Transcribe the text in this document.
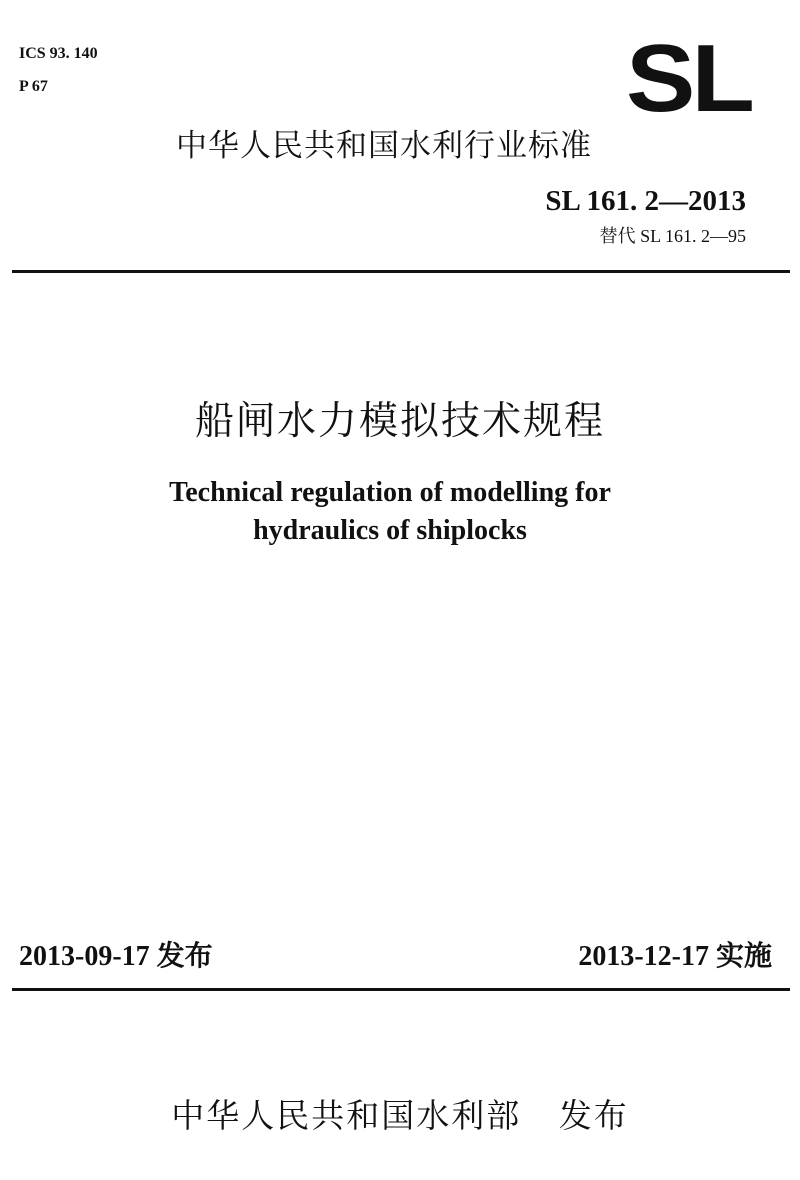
ICS 93. 140
P 67	SL
中华人民共和国水利行业标准
SL 161. 2—2013
替代 SL 161. 2—95
船闸水力模拟技术规程
Technical regulation of modelling for
hydraulics of shiplocks
2013-09-17 发布	2013-12-17 实施
中华人民共和国水利部 发布
